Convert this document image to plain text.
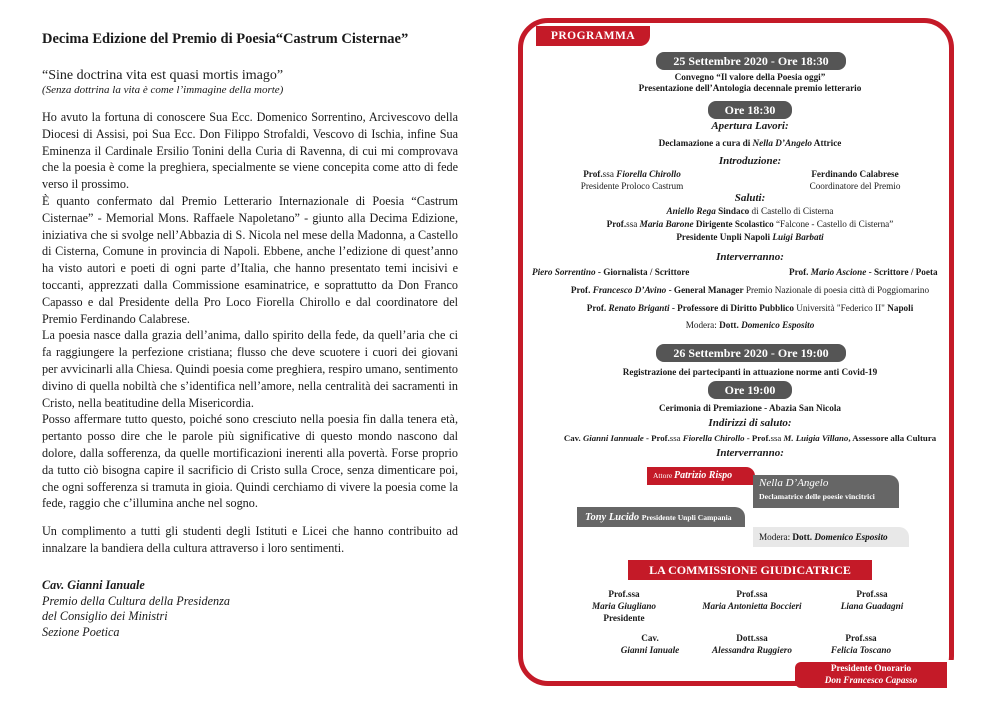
Decima Edizione del Premio di Poesia“Castrum Cisternae”
“Sine doctrina vita est quasi mortis imago”
(Senza dottrina la vita è come l’immagine della morte)
Ho avuto la fortuna di conoscere Sua Ecc. Domenico Sorrentino, Arcivescovo della Diocesi di Assisi, poi Sua Ecc. Don Filippo Strofaldi, Vescovo di Ischia, infine Sua Eminenza il Cardinale Ersilio Tonini della Curia di Ravenna, di cui mi comprovava che la poesia è come la preghiera, specialmente se viene concepita come atto di fede verso il prossimo.
È quanto confermato dal Premio Letterario Internazionale di Poesia “Castrum Cisternae” - Memorial Mons. Raffaele Napoletano” - giunto alla Decima Edizione, iniziativa che si svolge nell’Abbazia di S. Nicola nel mese della Madonna, a Castello di Cisterna, Comune in provincia di Napoli. Ebbene, anche l’edizione di quest’anno ha visto autori e poeti di ogni parte d’Italia, che hanno presentato temi incisivi e toccanti, apprezzati dalla Commissione esaminatrice, e soprattutto da Don Franco Capasso e dal Presidente della Pro Loco Fiorella Chirollo e dal coordinatore del Premio Ferdinando Calabrese.
La poesia nasce dalla grazia dell’anima, dallo spirito della fede, da quell’aria che ci fa raggiungere la perfezione cristiana; flusso che deve scuotere i cuori dei giovani per avvicinarli alla Chiesa. Quindi poesia come preghiera, respiro umano, sentimento divino di quella nobiltà che s’identifica nell’amore, nella centralità dei sacramenti in Cristo, nella beatitudine della Misericordia.
Posso affermare tutto questo, poiché sono cresciuto nella poesia fin dalla tenera età, pertanto posso dire che le parole più significative di questo mondo nascono dal dolore, dalla sofferenza, da quelle mortificazioni inerenti alla povertà. Forse proprio da tutto ciò bisogna capire il sacrificio di Cristo sulla Croce, senza dimenticare poi, che ogni sofferenza si tramuta in gioia. Quindi cerchiamo di vivere la poesia come la fede, raggio che c’illumina anche nel sogno.
Un complimento a tutti gli studenti degli Istituti e Licei che hanno contribuito ad innalzare la bandiera della cultura attraverso i loro sentimenti.
Cav. Gianni Ianuale
Premio della Cultura della Presidenza
del Consiglio dei Ministri
Sezione Poetica
PROGRAMMA
25 Settembre 2020 - Ore 18:30
Convegno “Il valore della Poesia oggi”
Presentazione dell’Antologia decennale premio letterario
Ore 18:30
Apertura Lavori:
Declamazione a cura di Nella D’Angelo Attrice
Introduzione:
Prof.ssa Fiorella Chirollo
Presidente Proloco Castrum
Ferdinando Calabrese
Coordinatore del Premio
Saluti:
Aniello Rega Sindaco di Castello di Cisterna
Prof.ssa Maria Barone Dirigente Scolastico “Falcone - Castello di Cisterna”
Presidente Unpli Napoli Luigi Barbati
Interverranno:
Piero Sorrentino - Giornalista / Scrittore	Prof. Mario Ascione - Scrittore / Poeta
Prof. Francesco D’Avino - General Manager Premio Nazionale di poesia città di Poggiomarino
Prof. Renato Briganti - Professore di Diritto Pubblico Università "Federico II" Napoli
Modera: Dott. Domenico Esposito
26 Settembre 2020 - Ore 19:00
Registrazione dei partecipanti in attuazione norme anti Covid-19
Ore 19:00
Cerimonia di Premiazione - Abazia San Nicola
Indirizzi di saluto:
Cav. Gianni Iannuale - Prof.ssa Fiorella Chirollo - Prof.ssa M. Luigia Villano, Assessore alla Cultura
Interverranno:
Attore Patrizio Rispo
Nella D’Angelo
Declamatrice delle poesie vincitrici
Tony Lucido Presidente Unpli Campania
Modera: Dott. Domenico Esposito
LA COMMISSIONE GIUDICATRICE
Prof.ssa
Maria Giugliano
Presidente
Prof.ssa
Maria Antonietta Boccieri
Prof.ssa
Liana Guadagni
Cav.
Gianni Ianuale
Dott.ssa
Alessandra Ruggiero
Prof.ssa
Felicia Toscano
Presidente Onorario
Don Francesco Capasso
